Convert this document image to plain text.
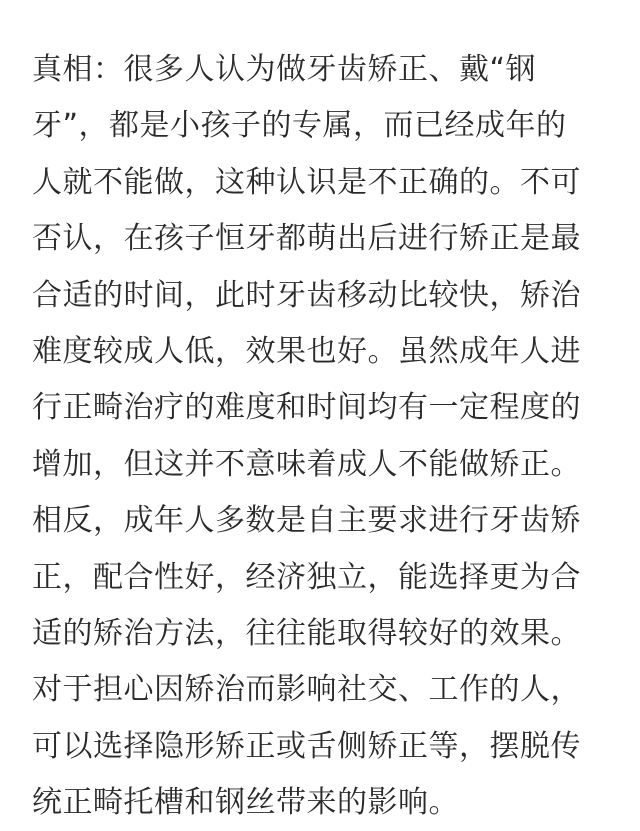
真相：很多人认为做牙齿矫正、戴“钢
牙”，都是小孩子的专属，而已经成年的
人就不能做，这种认识是不正确的。不可
否认，在孩子恒牙都萌出后进行矫正是最
合适的时间，此时牙齿移动比较快，矫治
难度较成人低，效果也好。虽然成年人进
行正畸治疗的难度和时间均有一定程度的
增加，但这并不意味着成人不能做矫正。
相反，成年人多数是自主要求进行牙齿矫
正，配合性好，经济独立，能选择更为合
适的矫治方法，往往能取得较好的效果。
对于担心因矫治而影响社交、工作的人，
可以选择隐形矫正或舌侧矫正等，摆脱传
统正畸托槽和钢丝带来的影响。
